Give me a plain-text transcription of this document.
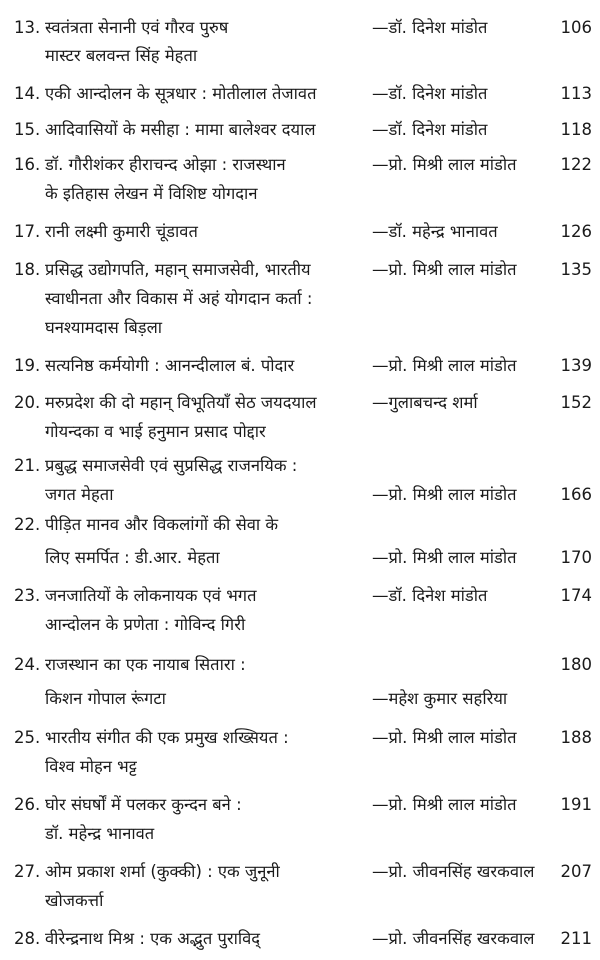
13. स्वतंत्रता सेनानी एवं गौरव पुरुष	—डॉ. दिनेश मांडोत	106
मास्टर बलवन्त सिंह मेहता
14. एकी आन्दोलन के सूत्रधार : मोतीलाल तेजावत	—डॉ. दिनेश मांडोत	113
15. आदिवासियों के मसीहा : मामा बालेश्वर दयाल	—डॉ. दिनेश मांडोत	118
16. डॉ. गौरीशंकर हीराचन्द ओझा : राजस्थान	—प्रो. मिश्री लाल मांडोत	122
के इतिहास लेखन में विशिष्ट योगदान
17. रानी लक्ष्मी कुमारी चूंडावत	—डॉ. महेन्द्र भानावत	126
18. प्रसिद्ध उद्योगपति, महान् समाजसेवी, भारतीय	—प्रो. मिश्री लाल मांडोत	135
स्वाधीनता और विकास में अहं योगदान कर्ता :
घनश्यामदास बिड़ला
19. सत्यनिष्ठ कर्मयोगी : आनन्दीलाल बं. पोदार	—प्रो. मिश्री लाल मांडोत	139
20. मरुप्रदेश की दो महान् विभूतियाँ सेठ जयदयाल	—गुलाबचन्द शर्मा	152
गोयन्दका व भाई हनुमान प्रसाद पोद्दार
21. प्रबुद्ध समाजसेवी एवं सुप्रसिद्ध राजनयिक :
जगत मेहता	—प्रो. मिश्री लाल मांडोत	166
22. पीड़ित मानव और विकलांगों की सेवा के
लिए समर्पित : डी.आर. मेहता	—प्रो. मिश्री लाल मांडोत	170
23. जनजातियों के लोकनायक एवं भगत	—डॉ. दिनेश मांडोत	174
आन्दोलन के प्रणेता : गोविन्द गिरी
24. राजस्थान का एक नायाब सितारा :	180
किशन गोपाल रूंगटा	—महेश कुमार सहरिया
25. भारतीय संगीत की एक प्रमुख शख्सियत :	—प्रो. मिश्री लाल मांडोत	188
विश्व मोहन भट्ट
26. घोर संघर्षों में पलकर कुन्दन बने :	—प्रो. मिश्री लाल मांडोत	191
डॉ. महेन्द्र भानावत
27. ओम प्रकाश शर्मा (कुक्की) : एक जुनूनी	—प्रो. जीवनसिंह खरकवाल	207
खोजकर्त्ता
28. वीरेन्द्रनाथ मिश्र : एक अद्भुत पुराविद्	—प्रो. जीवनसिंह खरकवाल	211
